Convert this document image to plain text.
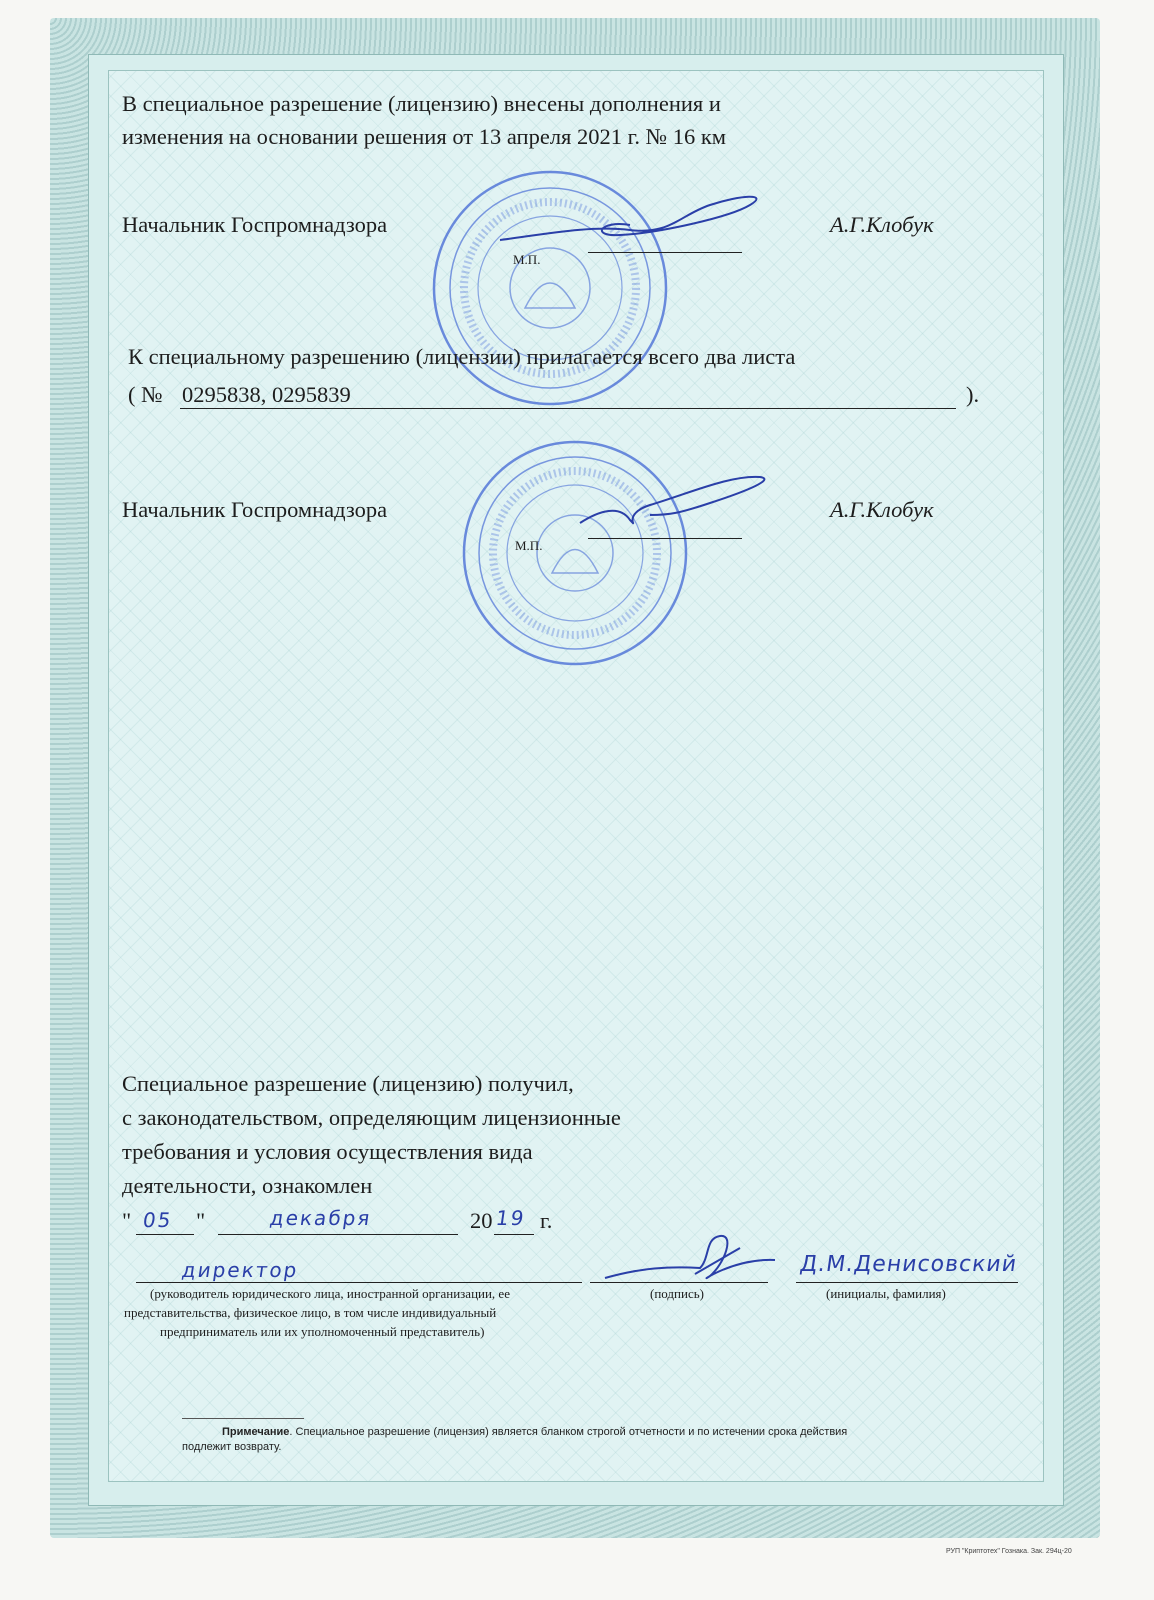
В специальное разрешение (лицензию) внесены дополнения и
изменения на основании решения от 13 апреля 2021 г. № 16 км
Начальник Госпромнадзора
М.П.
А.Г.Клобук
К специальному разрешению (лицензии) прилагается всего два листа
( № 0295838, 0295839	).
Начальник Госпромнадзора
М.П.
А.Г.Клобук
Специальное разрешение (лицензию) получил,
с законодательством, определяющим лицензионные
требования и условия осуществления вида
деятельности, ознакомлен
" 05 "	декабря	20 19 г.
директор
(руководитель юридического лица, иностранной организации, ее
представительства, физическое лицо, в том числе индивидуальный
предприниматель или их уполномоченный представитель)
(подпись)
Д.М.Денисовский
(инициалы, фамилия)
Примечание. Специальное разрешение (лицензия) является бланком строгой отчетности и по истечении срока действия
подлежит возврату.
РУП "Криптотех" Гознака. Зак. 294ц-20
